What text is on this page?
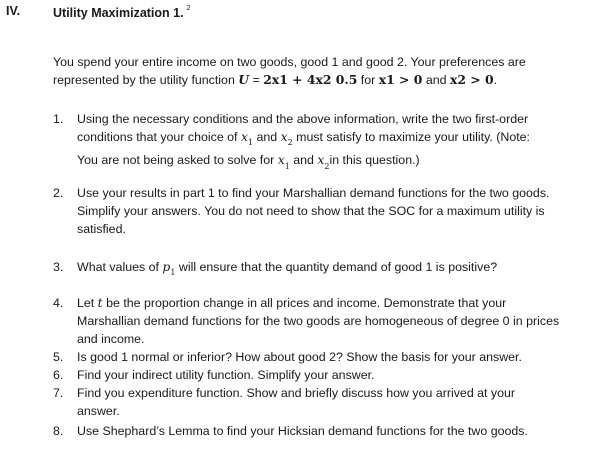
IV.	Utility Maximization 1. $^2$
You spend your entire income on two goods, good 1 and good 2. Your preferences are
represented by the utility function U = 2x1 + 4x2 0.5 for x1 > 0 and x2 > 0.
1.	Using the necessary conditions and the above information, write the two first-order
conditions that your choice of $x_1$ and $x_2$ must satisfy to maximize your utility. (Note:
You are not being asked to solve for $x_1$ and $x_2in$ this question.)
2.	Use your results in part 1 to find your Marshallian demand functions for the two goods.
Simplify your answers. You do not need to show that the SOC for a maximum utility is
satisfied.
3.	What values of $p_1$ will ensure that the quantity demand of good 1 is positive?
4.	Let t be the proportion change in all prices and income. Demonstrate that your
Marshallian demand functions for the two goods are homogeneous of degree 0 in prices
and income.
5.	Is good 1 normal or inferior? How about good 2? Show the basis for your answer.
6.	Find your indirect utility function. Simplify your answer.
7.	Find you expenditure function. Show and briefly discuss how you arrived at your
answer.
8.	Use Shephard’s Lemma to find your Hicksian demand functions for the two goods.
